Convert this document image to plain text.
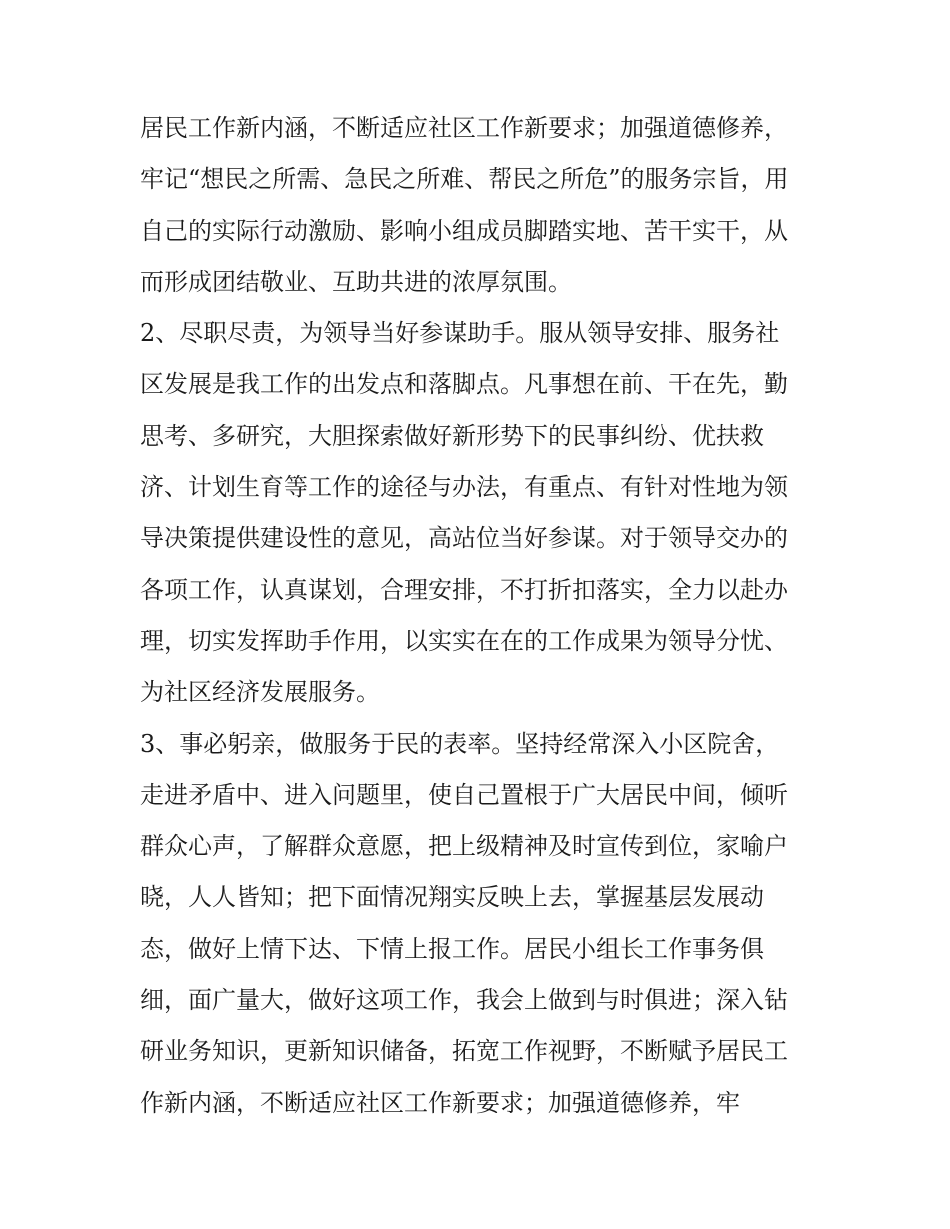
居民工作新内涵，不断适应社区工作新要求；加强道德修养，
牢记“想民之所需、急民之所难、帮民之所危”的服务宗旨，用
自己的实际行动激励、影响小组成员脚踏实地、苦干实干，从
而形成团结敬业、互助共进的浓厚氛围。
2、尽职尽责，为领导当好参谋助手。服从领导安排、服务社
区发展是我工作的出发点和落脚点。凡事想在前、干在先，勤
思考、多研究，大胆探索做好新形势下的民事纠纷、优扶救
济、计划生育等工作的途径与办法，有重点、有针对性地为领
导决策提供建设性的意见，高站位当好参谋。对于领导交办的
各项工作，认真谋划，合理安排，不打折扣落实，全力以赴办
理，切实发挥助手作用，以实实在在的工作成果为领导分忧、
为社区经济发展服务。
3、事必躬亲，做服务于民的表率。坚持经常深入小区院舍，
走进矛盾中、进入问题里，使自己置根于广大居民中间，倾听
群众心声，了解群众意愿，把上级精神及时宣传到位，家喻户
晓，人人皆知；把下面情况翔实反映上去，掌握基层发展动
态，做好上情下达、下情上报工作。居民小组长工作事务俱
细，面广量大，做好这项工作，我会上做到与时俱进；深入钻
研业务知识，更新知识储备，拓宽工作视野，不断赋予居民工
作新内涵，不断适应社区工作新要求；加强道德修养，牢
